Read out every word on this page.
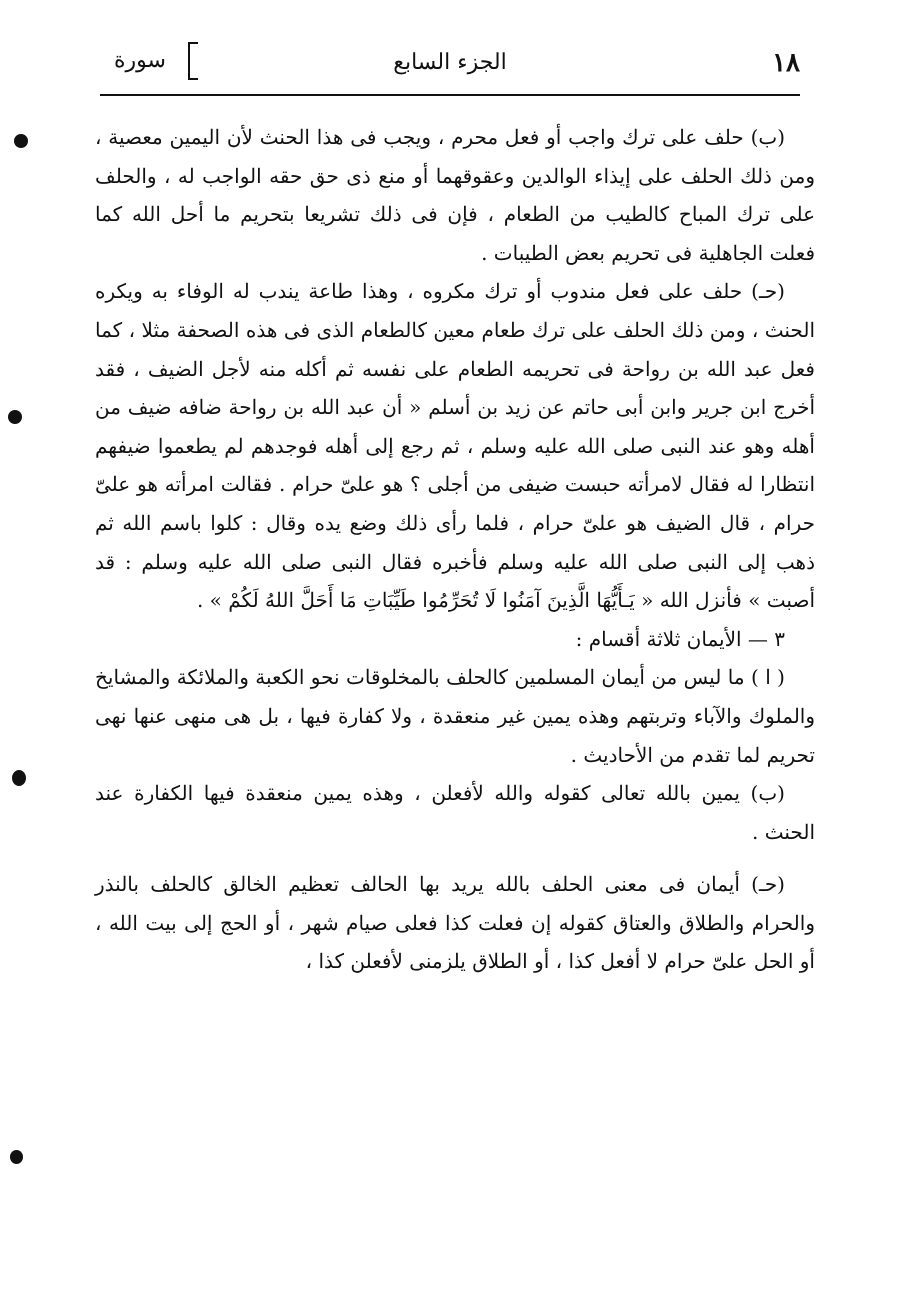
١٨
الجزء السابع
سورة

(ب) حلف على ترك واجب أو فعل محرم ، ويجب فى هذا الحنث لأن اليمين معصية ، ومن ذلك الحلف على إيذاء الوالدين وعقوقهما أو منع ذى حق حقه الواجب له ، والحلف على ترك المباح كالطيب من الطعام ، فإن فى ذلك تشريعا بتحريم ما أحل الله كما فعلت الجاهلية فى تحريم بعض الطيبات .

(حـ) حلف على فعل مندوب أو ترك مكروه ، وهذا طاعة يندب له الوفاء به ويكره الحنث ، ومن ذلك الحلف على ترك طعام معين كالطعام الذى فى هذه الصحفة مثلا ، كما فعل عبد الله بن رواحة فى تحريمه الطعام على نفسه ثم أكله منه لأجل الضيف ، فقد أخرج ابن جرير وابن أبى حاتم عن زيد بن أسلم « أن عبد الله بن رواحة ضافه ضيف من أهله وهو عند النبى صلى الله عليه وسلم ، ثم رجع إلى أهله فوجدهم لم يطعموا ضيفهم انتظارا له فقال لامرأته حبست ضيفى من أجلى ؟ هو علىّ حرام . فقالت امرأته هو علىّ حرام ، قال الضيف هو علىّ حرام ، فلما رأى ذلك وضع يده وقال : كلوا باسم الله ثم ذهب إلى النبى صلى الله عليه وسلم فأخبره فقال النبى صلى الله عليه وسلم : قد أصبت » فأنزل الله « يَـأَيُّهَا الَّذِينَ آمَنُوا لَا تُحَرِّمُوا طَيِّبَاتِ مَا أَحَلَّ اللهُ لَكُمْ » .

٣ — الأيمان ثلاثة أقسام :

( ا ) ما ليس من أيمان المسلمين كالحلف بالمخلوقات نحو الكعبة والملائكة والمشايخ والملوك والآباء وتربتهم وهذه يمين غير منعقدة ، ولا كفارة فيها ، بل هى منهى عنها نهى تحريم لما تقدم من الأحاديث .

(ب) يمين بالله تعالى كقوله والله لأفعلن ، وهذه يمين منعقدة فيها الكفارة عند الحنث .

(حـ) أيمان فى معنى الحلف بالله يريد بها الحالف تعظيم الخالق كالحلف بالنذر والحرام والطلاق والعتاق كقوله إن فعلت كذا فعلى صيام شهر ، أو الحج إلى بيت الله ، أو الحل علىّ حرام لا أفعل كذا ، أو الطلاق يلزمنى لأفعلن كذا ،
